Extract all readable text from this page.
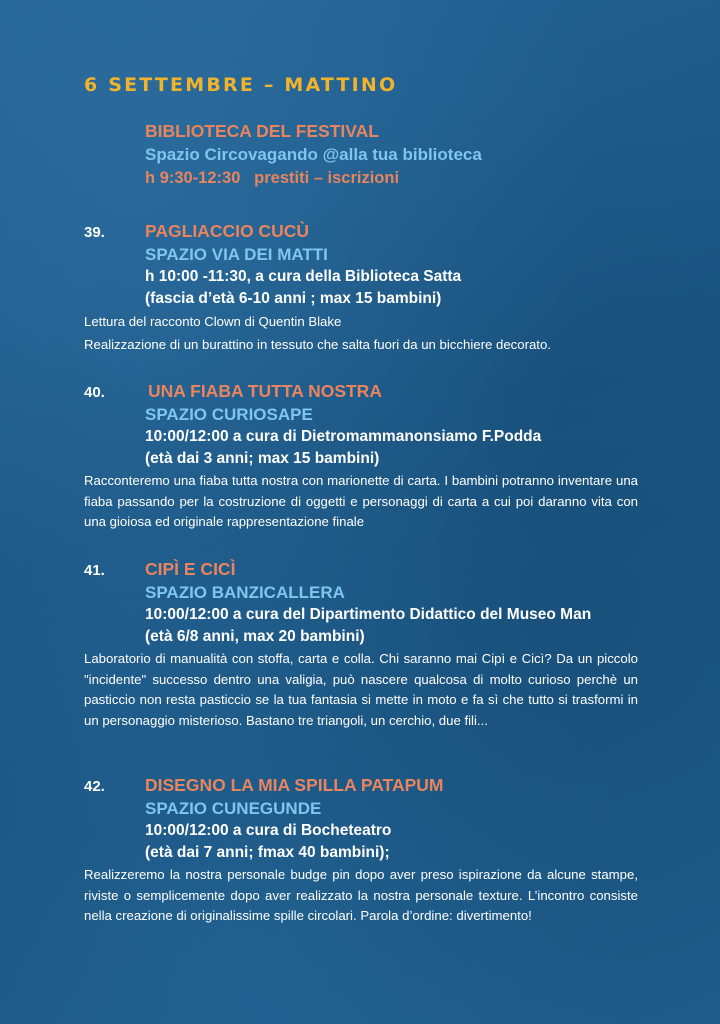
6 SETTEMBRE – MATTINO

BIBLIOTECA DEL FESTIVAL

Spazio Circovagando @alla tua biblioteca

h 9:30-12:30 prestiti – iscrizioni

39. PAGLIACCIO CUCÙ

SPAZIO VIA DEI MATTI

h 10:00 -11:30, a cura della Biblioteca Satta

(fascia d’età 6-10 anni ; max 15 bambini)

Lettura del racconto Clown di Quentin Blake

Realizzazione di un burattino in tessuto che salta fuori da un bicchiere decorato.

40. UNA FIABA TUTTA NOSTRA

SPAZIO CURIOSAPE

10:00/12:00 a cura di Dietromammanonsiamo F.Podda

(età dai 3 anni; max 15 bambini)

Racconteremo una fiaba tutta nostra con marionette di carta. I bambini potranno inventare una fiaba passando per la costruzione di oggetti e personaggi di carta a cui poi daranno vita con una gioiosa ed originale rappresentazione finale

41. CIPÌ E CICÌ

SPAZIO BANZICALLERA

10:00/12:00 a cura del Dipartimento Didattico del Museo Man

(età 6/8 anni, max 20 bambini)

Laboratorio di manualità con stoffa, carta e colla. Chi saranno mai Cipì e Cicì? Da un piccolo "incidente" successo dentro una valigia, può nascere qualcosa di molto curioso perchè un pasticcio non resta pasticcio se la tua fantasia si mette in moto e fa sì che tutto si trasformi in un personaggio misterioso. Bastano tre triangoli, un cerchio, due fili...

42. DISEGNO LA MIA SPILLA PATAPUM

SPAZIO CUNEGUNDE

10:00/12:00 a cura di Bocheteatro

(età dai 7 anni; fmax 40 bambini);

Realizzeremo la nostra personale budge pin dopo aver preso ispirazione da alcune stampe, riviste o semplicemente dopo aver realizzato la nostra personale texture. L’incontro consiste nella creazione di originalissime spille circolari. Parola d’ordine: divertimento!
